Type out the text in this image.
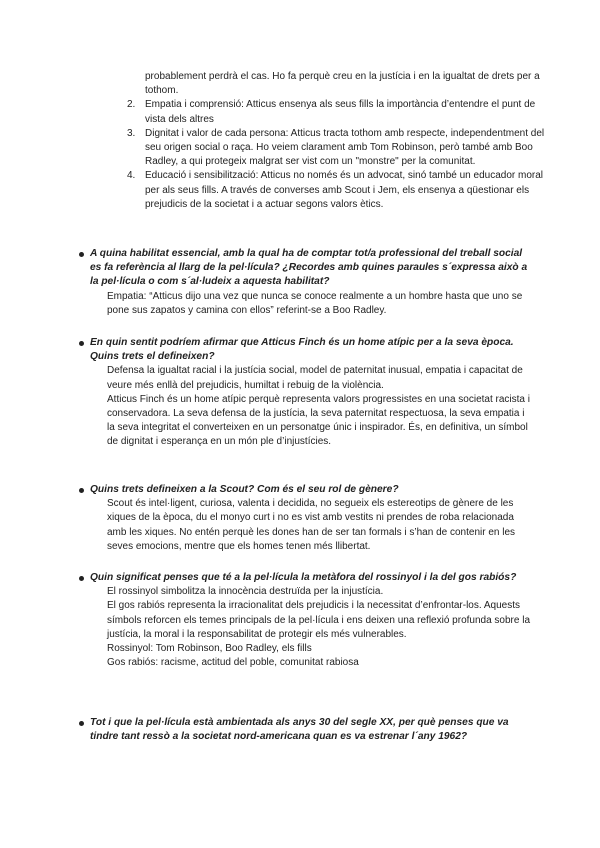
probablement perdrà el cas. Ho fa perquè creu en la justícia i en la igualtat de drets per a tothom.

2. Empatia i comprensió: Atticus ensenya als seus fills la importància d’entendre el punt de vista dels altres
3. Dignitat i valor de cada persona: Atticus tracta tothom amb respecte, independentment del seu origen social o raça. Ho veiem clarament amb Tom Robinson, però també amb Boo Radley, a qui protegeix malgrat ser vist com un "monstre" per la comunitat.
4. Educació i sensibilització: Atticus no només és un advocat, sinó també un educador moral per als seus fills. A través de converses amb Scout i Jem, els ensenya a qüestionar els prejudicis de la societat i a actuar segons valors ètics.
A quina habilitat essencial, amb la qual ha de comptar tot/a professional del treball social es fa referència al llarg de la pel·lícula? ¿Recordes amb quines paraules s´expressa això a la pel·lícula o com s´al·ludeix a aquesta habilitat?

Empatia: “Atticus dijo una vez que nunca se conoce realmente a un hombre hasta que uno se pone sus zapatos y camina con ellos” referint-se a Boo Radley.

En quin sentit podríem afirmar que Atticus Finch és un home atípic per a la seva època. Quins trets el defineixen?

Defensa la igualtat racial i la justícia social, model de paternitat inusual, empatia i capacitat de veure més enllà del prejudicis, humiltat i rebuig de la violència.

Atticus Finch és un home atípic perquè representa valors progressistes en una societat racista i conservadora. La seva defensa de la justícia, la seva paternitat respectuosa, la seva empatia i la seva integritat el converteixen en un personatge únic i inspirador. És, en definitiva, un símbol de dignitat i esperança en un món ple d’injustícies.

Quins trets defineixen a la Scout? Com és el seu rol de gènere?

Scout és intel·ligent, curiosa, valenta i decidida, no segueix els estereotips de gènere de les xiques de la època, du el monyo curt i no es vist amb vestits ni prendes de roba relacionada amb les xiques. No entén perquè les dones han de ser tan formals i s’han de contenir en les seves emocions, mentre que els homes tenen més llibertat.

Quin significat penses que té a la pel·lícula la metàfora del rossinyol i la del gos rabiós?

El rossinyol simbolitza la innocència destruïda per la injustícia.

El gos rabiós representa la irracionalitat dels prejudicis i la necessitat d’enfrontar-los. Aquests símbols reforcen els temes principals de la pel·lícula i ens deixen una reflexió profunda sobre la justícia, la moral i la responsabilitat de protegir els més vulnerables.

Rossinyol: Tom Robinson, Boo Radley, els fills

Gos rabiós: racisme, actitud del poble, comunitat rabiosa

Tot i que la pel·lícula està ambientada als anys 30 del segle XX, per què penses que va tindre tant ressò a la societat nord-americana quan es va estrenar l´any 1962?
